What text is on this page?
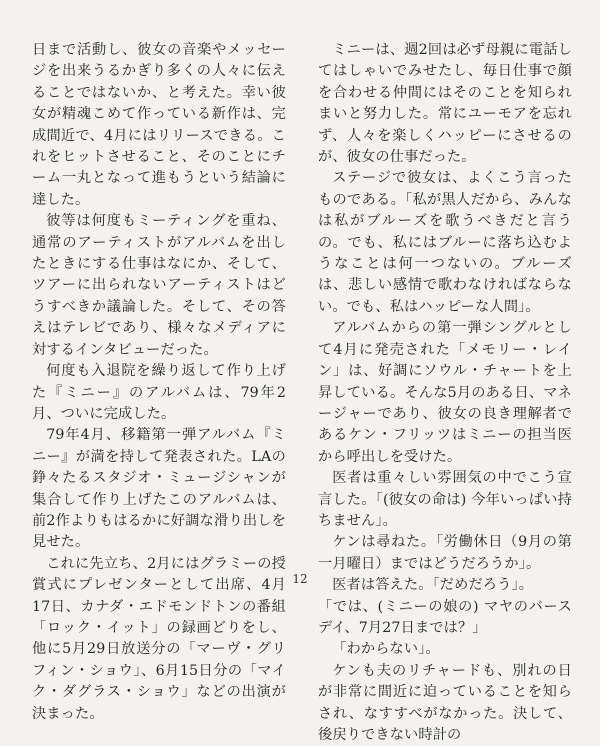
日まで活動し、彼女の音楽やメッセージを出来うるかぎり多くの人々に伝えることではないか、と考えた。幸い彼女が精魂こめて作っている新作は、完成間近で、4月にはリリースできる。これをヒットさせること、そのことにチーム一丸となって進もうという結論に達した。

彼等は何度もミーティングを重ね、通常のアーティストがアルバムを出したときにする仕事はなにか、そして、ツアーに出られないアーティストはどうすべきか議論した。そして、その答えはテレビであり、様々なメディアに対するインタビューだった。

何度も入退院を繰り返して作り上げた『ミニー』のアルバムは、79年2月、ついに完成した。

79年4月、移籍第一弾アルバム『ミニー』が満を持して発表された。LAの錚々たるスタジオ・ミュージシャンが集合して作り上げたこのアルバムは、前2作よりもはるかに好調な滑り出しを見せた。

これに先立ち、2月にはグラミーの授賞式にプレゼンターとして出席、4月17日、カナダ・エドモンドトンの番組「ロック・イット」の録画どりをし、他に5月29日放送分の「マーヴ・グリフィン・ショウ」、6月15日分の「マイク・ダグラス・ショウ」などの出演が決まった。

ミニーは、週2回は必ず母親に電話してはしゃいでみせたし、毎日仕事で顔を合わせる仲間にはそのことを知られまいと努力した。常にユーモアを忘れず、人々を楽しくハッピーにさせるのが、彼女の仕事だった。

ステージで彼女は、よくこう言ったものである。「私が黒人だから、みんなは私がブルーズを歌うべきだと言うの。でも、私にはブルーに落ち込むようなことは何一つないの。ブルーズは、悲しい感情で歌わなければならない。でも、私はハッピーな人間」。

アルバムからの第一弾シングルとして4月に発売された「メモリー・レイン」は、好調にソウル・チャートを上昇している。そんな5月のある日、マネージャーであり、彼女の良き理解者であるケン・フリッツはミニーの担当医から呼出しを受けた。

医者は重々しい雰囲気の中でこう宣言した。「(彼女の命は) 今年いっぱい持ちません」。

ケンは尋ねた。「労働休日（9月の第一月曜日）まではどうだろうか」。

医者は答えた。「だめだろう」。

「では、(ミニーの娘の) マヤのバースデイ、7月27日までは？」

「わからない」。

ケンも夫のリチャードも、別れの日が非常に間近に迫っていることを知らされ、なすすべがなかった。決して、後戻りできない時計の

12
